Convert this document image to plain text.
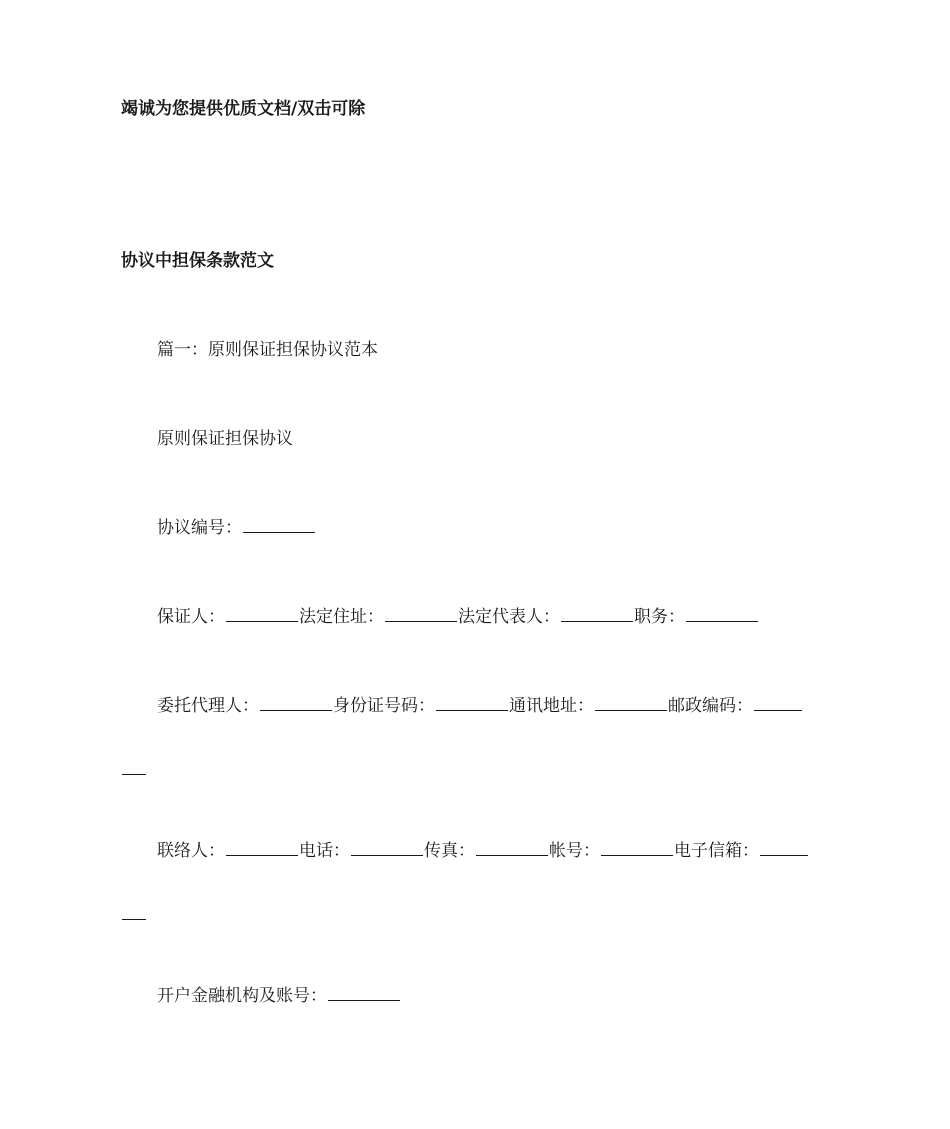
竭诚为您提供优质文档/双击可除
协议中担保条款范文
篇一：原则保证担保协议范本
原则保证担保协议
协议编号：
保证人：	法定住址：	法定代表人：	职务：
委托代理人：	身份证号码：	通讯地址：	邮政编码：
联络人：	电话：	传真：	帐号：	电子信箱：
开户金融机构及账号：
